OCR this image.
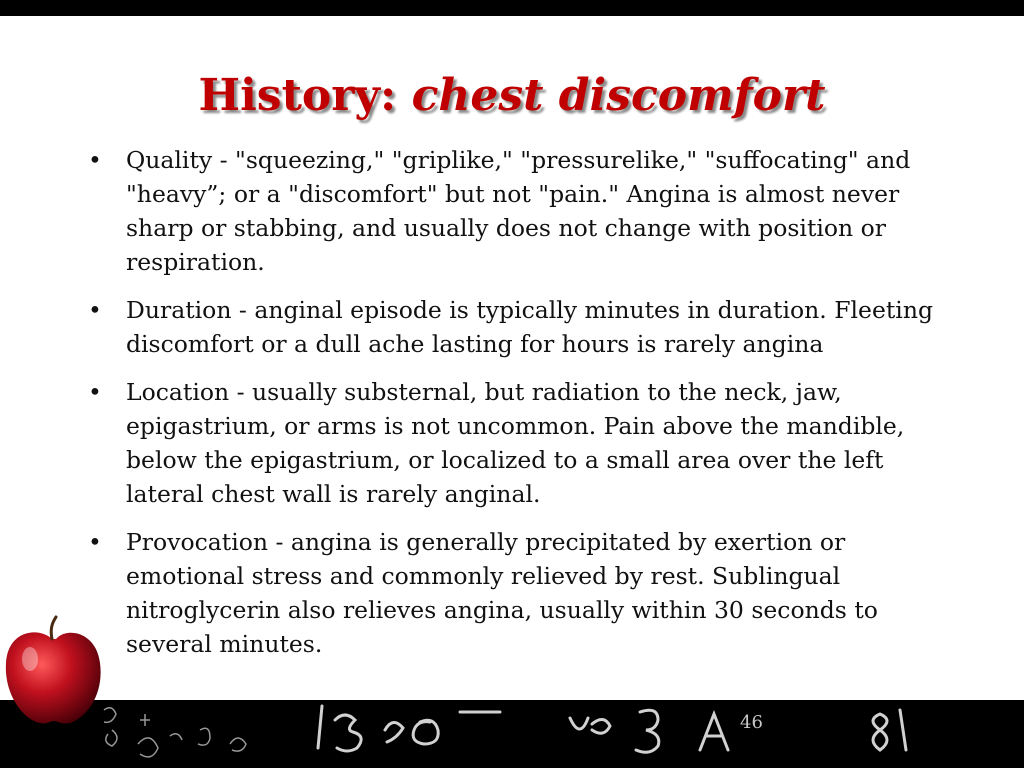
History: chest discomfort
• Quality - "squeezing," "griplike," "pressurelike," "suffocating" and "heavy”; or a "discomfort" but not "pain." Angina is almost never sharp or stabbing, and usually does not change with position or respiration.
• Duration - anginal episode is typically minutes in duration. Fleeting discomfort or a dull ache lasting for hours is rarely angina
• Location - usually substernal, but radiation to the neck, jaw, epigastrium, or arms is not uncommon. Pain above the mandible, below the epigastrium, or localized to a small area over the left lateral chest wall is rarely anginal.
• Provocation - angina is generally precipitated by exertion or emotional stress and commonly relieved by rest. Sublingual nitroglycerin also relieves angina, usually within 30 seconds to several minutes.
46
